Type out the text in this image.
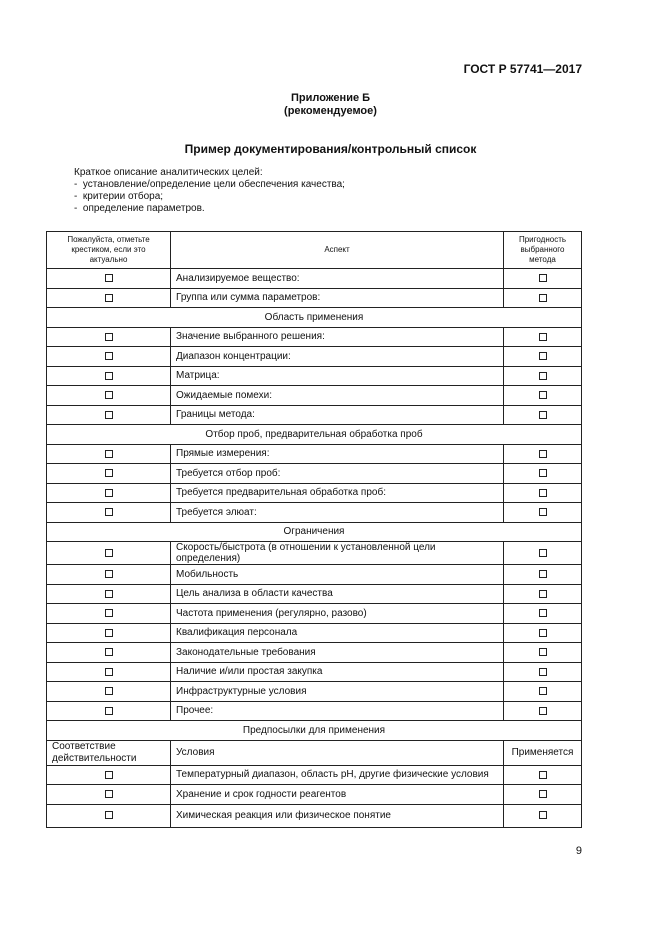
ГОСТ Р 57741—2017
Приложение Б
(рекомендуемое)
Пример документирования/контрольный список
Краткое описание аналитических целей:
-  установление/определение цели обеспечения качества;
-  критерии отбора;
-  определение параметров.
Пожалуйста, отметьте крестиком, если это актуально	Аспект	Пригодность выбранного метода
	Анализируемое вещество:	
	Группа или сумма параметров:	
Область применения		
	Значение выбранного решения:	
	Диапазон концентрации:	
	Матрица:	
	Ожидаемые помехи:	
	Границы метода:	
Отбор проб, предварительная обработка проб		
	Прямые измерения:	
	Требуется отбор проб:	
	Требуется предварительная обработка проб:	
	Требуется элюат:	
Ограничения		
	Скорость/быстрота (в отношении к установленной цели определения)	
	Мобильность	
	Цель анализа в области качества	
	Частота применения (регулярно, разово)	
	Квалификация персонала	
	Законодательные требования	
	Наличие и/или простая закупка	
	Инфраструктурные условия	
	Прочее:	
Предпосылки для применения		
Соответствие действительности	Условия	Применяется
	Температурный диапазон, область pH, другие физические условия	
	Хранение и срок годности реагентов	
	Химическая реакция или физическое понятие	
9
